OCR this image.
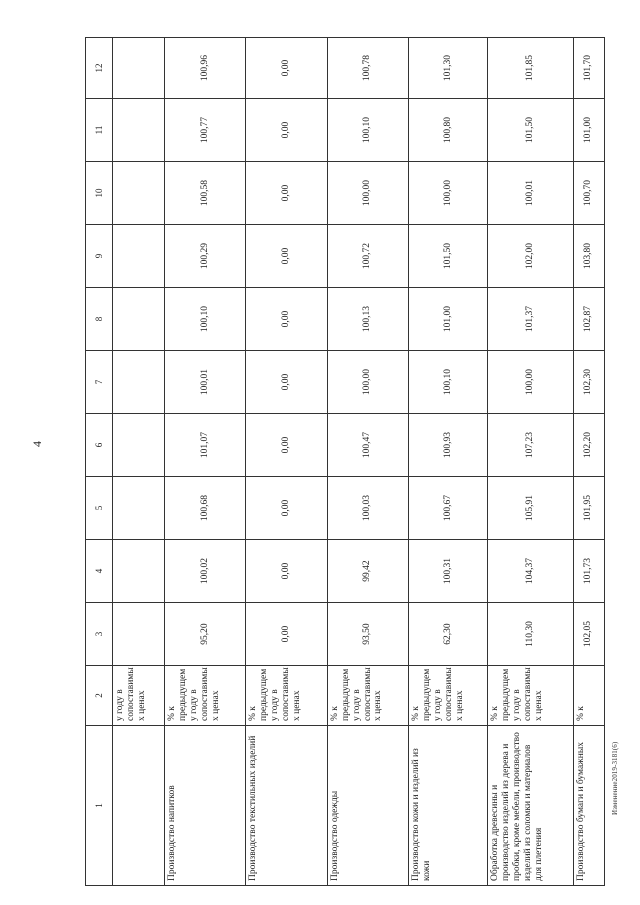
4
Изменение2019-3181(6)
1	2	3	4	5	6	7	8	9	10	11	12
	у году в сопоставимы х ценах										
Производство напитков	% к предыдущем у году в сопоставимы х ценах	95,20	100,02	100,68	101,07	100,01	100,10	100,29	100,58	100,77	100,96
Производство текстильных изделий	% к предыдущем у году в сопоставимы х ценах	0,00	0,00	0,00	0,00	0,00	0,00	0,00	0,00	0,00	0,00
Производство одежды	% к предыдущем у году в сопоставимы х ценах	93,50	99,42	100,03	100,47	100,00	100,13	100,72	100,00	100,10	100,78
Производство кожи и изделий из кожи	% к предыдущем у году в сопоставимы х ценах	62,30	100,31	100,67	100,93	100,10	101,00	101,50	100,00	100,80	101,30
Обработка древесины и производство изделий из дерева и пробки, кроме мебели, производство изделий из соломки и материалов для плетения	% к предыдущем у году в сопоставимы х ценах	110,30	104,37	105,91	107,23	100,00	101,37	102,00	100,01	101,50	101,85
Производство бумаги и бумажных	% к	102,05	101,73	101,95	102,20	102,30	102,87	103,80	100,70	101,00	101,70
